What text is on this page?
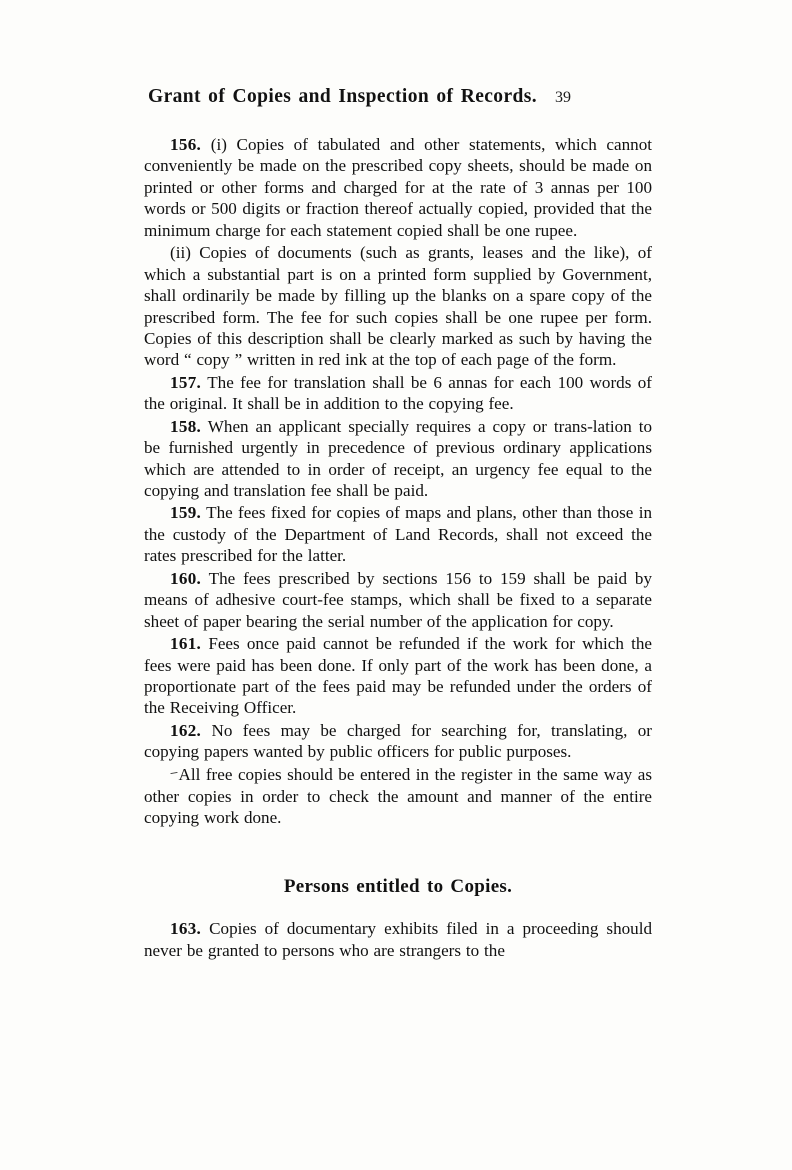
Grant of Copies and Inspection of Records. 39

156. (i) Copies of tabulated and other statements, which cannot conveniently be made on the prescribed copy sheets, should be made on printed or other forms and charged for at the rate of 3 annas per 100 words or 500 digits or fraction thereof actually copied, provided that the minimum charge for each statement copied shall be one rupee.

(ii) Copies of documents (such as grants, leases and the like), of which a substantial part is on a printed form supplied by Government, shall ordinarily be made by filling up the blanks on a spare copy of the prescribed form. The fee for such copies shall be one rupee per form. Copies of this description shall be clearly marked as such by having the word “ copy ” written in red ink at the top of each page of the form.

157. The fee for translation shall be 6 annas for each 100 words of the original. It shall be in addition to the copying fee.

158. When an applicant specially requires a copy or trans-lation to be furnished urgently in precedence of previous ordinary applications which are attended to in order of receipt, an urgency fee equal to the copying and translation fee shall be paid.

159. The fees fixed for copies of maps and plans, other than those in the custody of the Department of Land Records, shall not exceed the rates prescribed for the latter.

160. The fees prescribed by sections 156 to 159 shall be paid by means of adhesive court-fee stamps, which shall be fixed to a separate sheet of paper bearing the serial number of the application for copy.

161. Fees once paid cannot be refunded if the work for which the fees were paid has been done. If only part of the work has been done, a proportionate part of the fees paid may be refunded under the orders of the Receiving Officer.

162. No fees may be charged for searching for, translating, or copying papers wanted by public officers for public purposes.

−All free copies should be entered in the register in the same way as other copies in order to check the amount and manner of the entire copying work done.

Persons entitled to Copies.

163. Copies of documentary exhibits filed in a proceeding should never be granted to persons who are strangers to the
